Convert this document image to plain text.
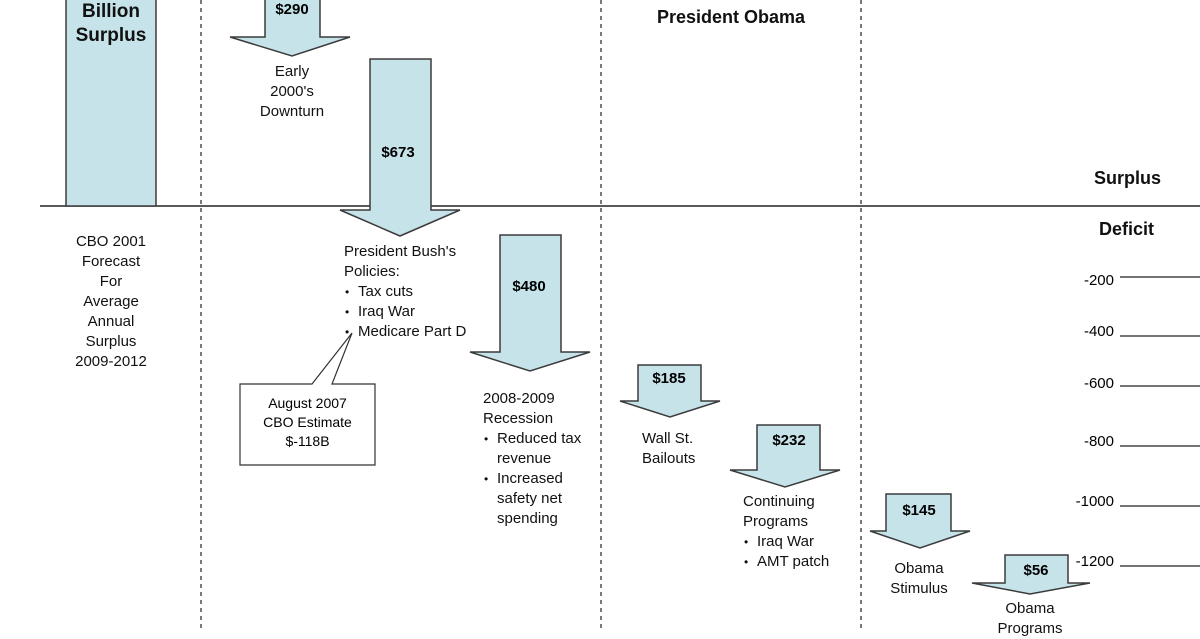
Billion
Surplus
President Obama
Surplus
Deficit
CBO 2001
Forecast
For
Average
Annual
Surplus
2009-2012
$290
$673
$480
$185
$232
$145
$56
Early
2000's
Downturn
President Bush's
Policies:
• Tax cuts
• Iraq War
• Medicare Part D
2008-2009
Recession
• Reduced tax revenue
• Increased safety net spending
Wall St.
Bailouts
Continuing
Programs
• Iraq War
• AMT patch	Obama
Stimulus
Obama
Programs
August 2007
CBO Estimate
$-118B
-200
-400
-600
-800
-1000
-1200
